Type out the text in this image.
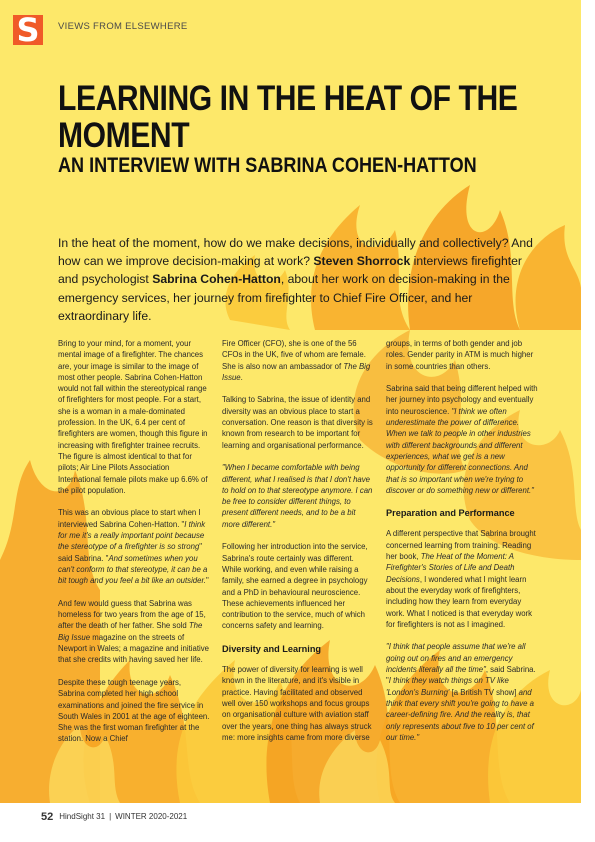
S	VIEWS FROM ELSEWHERE
LEARNING IN THE HEAT OF THE MOMENT
AN INTERVIEW WITH SABRINA COHEN-HATTON

In the heat of the moment, how do we make decisions, individually and collectively? And how can we improve decision-making at work? Steven Shorrock interviews firefighter and psychologist Sabrina Cohen-Hatton, about her work on decision-making in the emergency services, her journey from firefighter to Chief Fire Officer, and her extraordinary life.

Bring to your mind, for a moment, your mental image of a firefighter. The chances are, your image is similar to the image of most other people. Sabrina Cohen-Hatton would not fall within the stereotypical range of firefighters for most people. For a start, she is a woman in a male-dominated profession. In the UK, 6.4 per cent of firefighters are women, though this figure in increasing with firefighter trainee recruits. The figure is almost identical to that for pilots; Air Line Pilots Association International female pilots make up 6.6% of the pilot population.

This was an obvious place to start when I interviewed Sabrina Cohen-Hatton. "I think for me it's a really important point because the stereotype of a firefighter is so strong" said Sabrina. "And sometimes when you can't conform to that stereotype, it can be a bit tough and you feel a bit like an outsider."

And few would guess that Sabrina was homeless for two years from the age of 15, after the death of her father. She sold The Big Issue magazine on the streets of Newport in Wales; a magazine and initiative that she credits with having saved her life.

Despite these tough teenage years, Sabrina completed her high school examinations and joined the fire service in South Wales in 2001 at the age of eighteen. She was the first woman firefighter at the station. Now a Chief

Fire Officer (CFO), she is one of the 56 CFOs in the UK, five of whom are female. She is also now an ambassador of The Big Issue.

Talking to Sabrina, the issue of identity and diversity was an obvious place to start a conversation. One reason is that diversity is known from research to be important for learning and organisational performance.

"When I became comfortable with being different, what I realised is that I don't have to hold on to that stereotype anymore. I can be free to consider different things, to present different needs, and to be a bit more different."

Following her introduction into the service, Sabrina's route certainly was different. While working, and even while raising a family, she earned a degree in psychology and a PhD in behavioural neuroscience. These achievements influenced her contribution to the service, much of which concerns safety and learning.

Diversity and Learning

The power of diversity for learning is well known in the literature, and it's visible in practice. Having facilitated and observed well over 150 workshops and focus groups on organisational culture with aviation staff over the years, one thing has always struck me: more insights came from more diverse

groups, in terms of both gender and job roles. Gender parity in ATM is much higher in some countries than others.

Sabrina said that being different helped with her journey into psychology and eventually into neuroscience. "I think we often underestimate the power of difference. When we talk to people in other industries with different backgrounds and different experiences, what we get is a new opportunity for different connections. And that is so important when we're trying to discover or do something new or different."

Preparation and Performance

A different perspective that Sabrina brought concerned learning from training. Reading her book, The Heat of the Moment: A Firefighter's Stories of Life and Death Decisions, I wondered what I might learn about the everyday work of firefighters, including how they learn from everyday work. What I noticed is that everyday work for firefighters is not as I imagined.

"I think that people assume that we're all going out on fires and an emergency incidents literally all the time", said Sabrina. "I think they watch things on TV like 'London's Burning' [a British TV show] and think that every shift you're going to have a career-defining fire. And the reality is, that only represents about five to 10 per cent of our time."

52 HindSight 31 | WINTER 2020-2021
